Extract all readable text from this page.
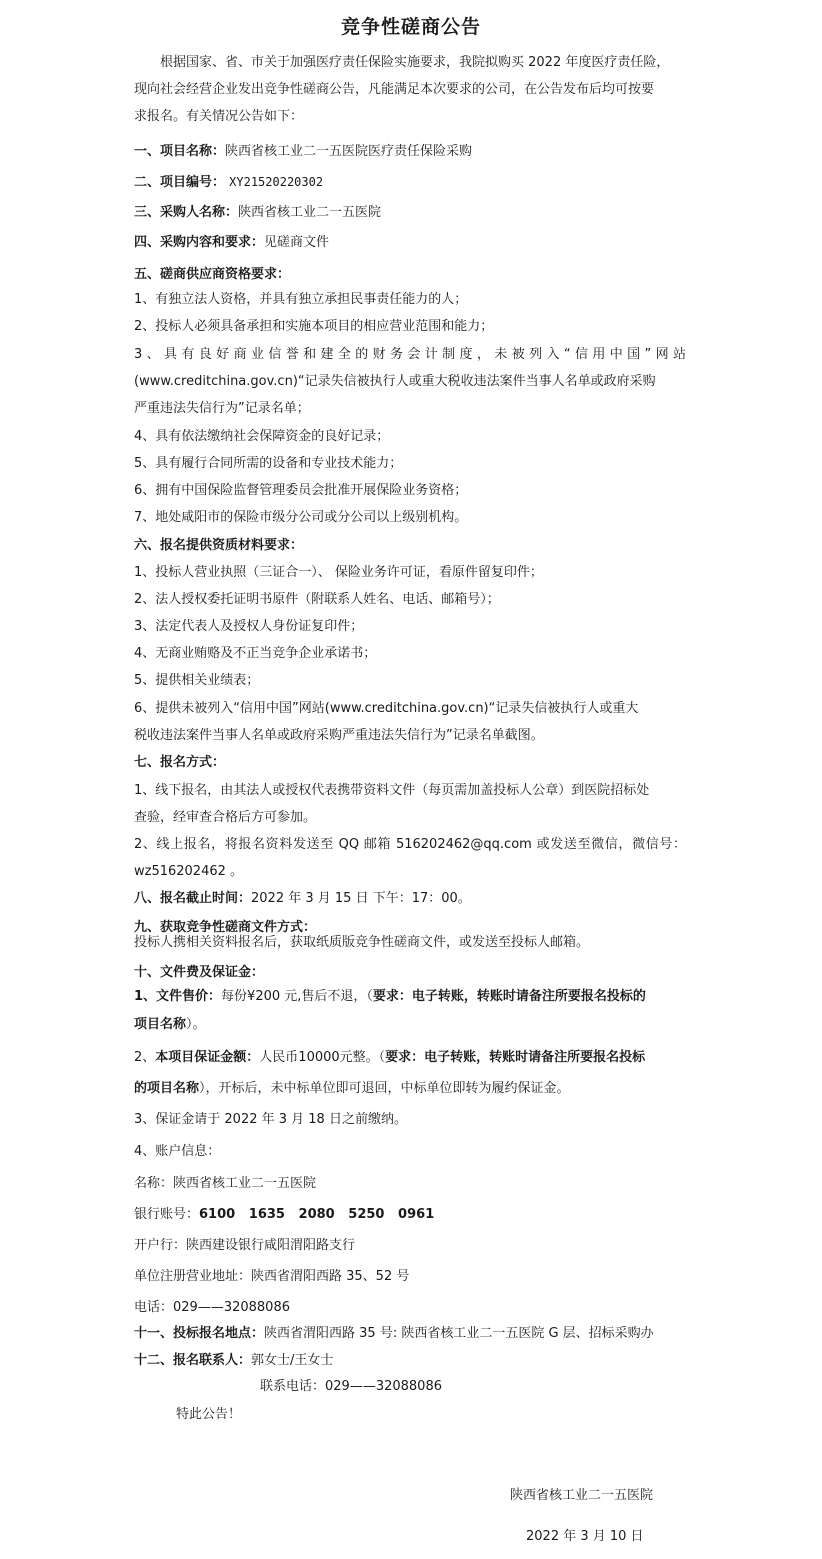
竞争性磋商公告
根据国家、省、市关于加强医疗责任保险实施要求，我院拟购买 2022 年度医疗责任险，
现向社会经营企业发出竞争性磋商公告，凡能满足本次要求的公司，在公告发布后均可按要
求报名。有关情况公告如下：
一、项目名称：陕西省核工业二一五医院医疗责任保险采购
二、项目编号： XY21520220302
三、采购人名称：陕西省核工业二一五医院
四、采购内容和要求：见磋商文件
五、磋商供应商资格要求：
1、有独立法人资格，并具有独立承担民事责任能力的人；
2、投标人必须具备承担和实施本项目的相应营业范围和能力；
3、具有良好商业信誉和建全的财务会计制度，未被列入“信用中国”网站
(www.creditchina.gov.cn)“记录失信被执行人或重大税收违法案件当事人名单或政府采购
严重违法失信行为”记录名单；
4、具有依法缴纳社会保障资金的良好记录；
5、具有履行合同所需的设备和专业技术能力；
6、拥有中国保险监督管理委员会批准开展保险业务资格；
7、地处咸阳市的保险市级分公司或分公司以上级别机构。
六、报名提供资质材料要求：
1、投标人营业执照（三证合一）、 保险业务许可证，看原件留复印件；
2、法人授权委托证明书原件（附联系人姓名、电话、邮箱号）；
3、法定代表人及授权人身份证复印件；
4、无商业贿赂及不正当竞争企业承诺书；
5、提供相关业绩表；
6、提供未被列入“信用中国”网站(www.creditchina.gov.cn)“记录失信被执行人或重大
税收违法案件当事人名单或政府采购严重违法失信行为”记录名单截图。
七、报名方式：
1、线下报名，由其法人或授权代表携带资料文件（每页需加盖投标人公章）到医院招标处
查验，经审查合格后方可参加。
2、线上报名，将报名资料发送至 QQ 邮箱 516202462@qq.com 或发送至微信，微信号：
wz516202462 。
八、报名截止时间：2022 年 3 月 15 日 下午：17：00。
九、获取竞争性磋商文件方式：
投标人携相关资料报名后，获取纸质版竞争性磋商文件，或发送至投标人邮箱。
十、文件费及保证金：
1、文件售价：每份¥200 元,售后不退，（要求：电子转账，转账时请备注所要报名投标的
项目名称）。
2、本项目保证金额：人民币10000元整。（要求：电子转账，转账时请备注所要报名投标
的项目名称），开标后，未中标单位即可退回，中标单位即转为履约保证金。
3、保证金请于 2022 年 3 月 18 日之前缴纳。
4、账户信息：
名称：陕西省核工业二一五医院
银行账号：6100   1635   2080   5250   0961
开户行：陕西建设银行咸阳渭阳路支行
单位注册营业地址：陕西省渭阳西路 35、52 号
电话：029——32088086
十一、投标报名地点：陕西省渭阳西路 35 号: 陕西省核工业二一五医院 G 层、招标采购办
十二、报名联系人：郭女士/王女士
联系电话：029——32088086
特此公告！
陕西省核工业二一五医院
2022 年 3 月 10 日
